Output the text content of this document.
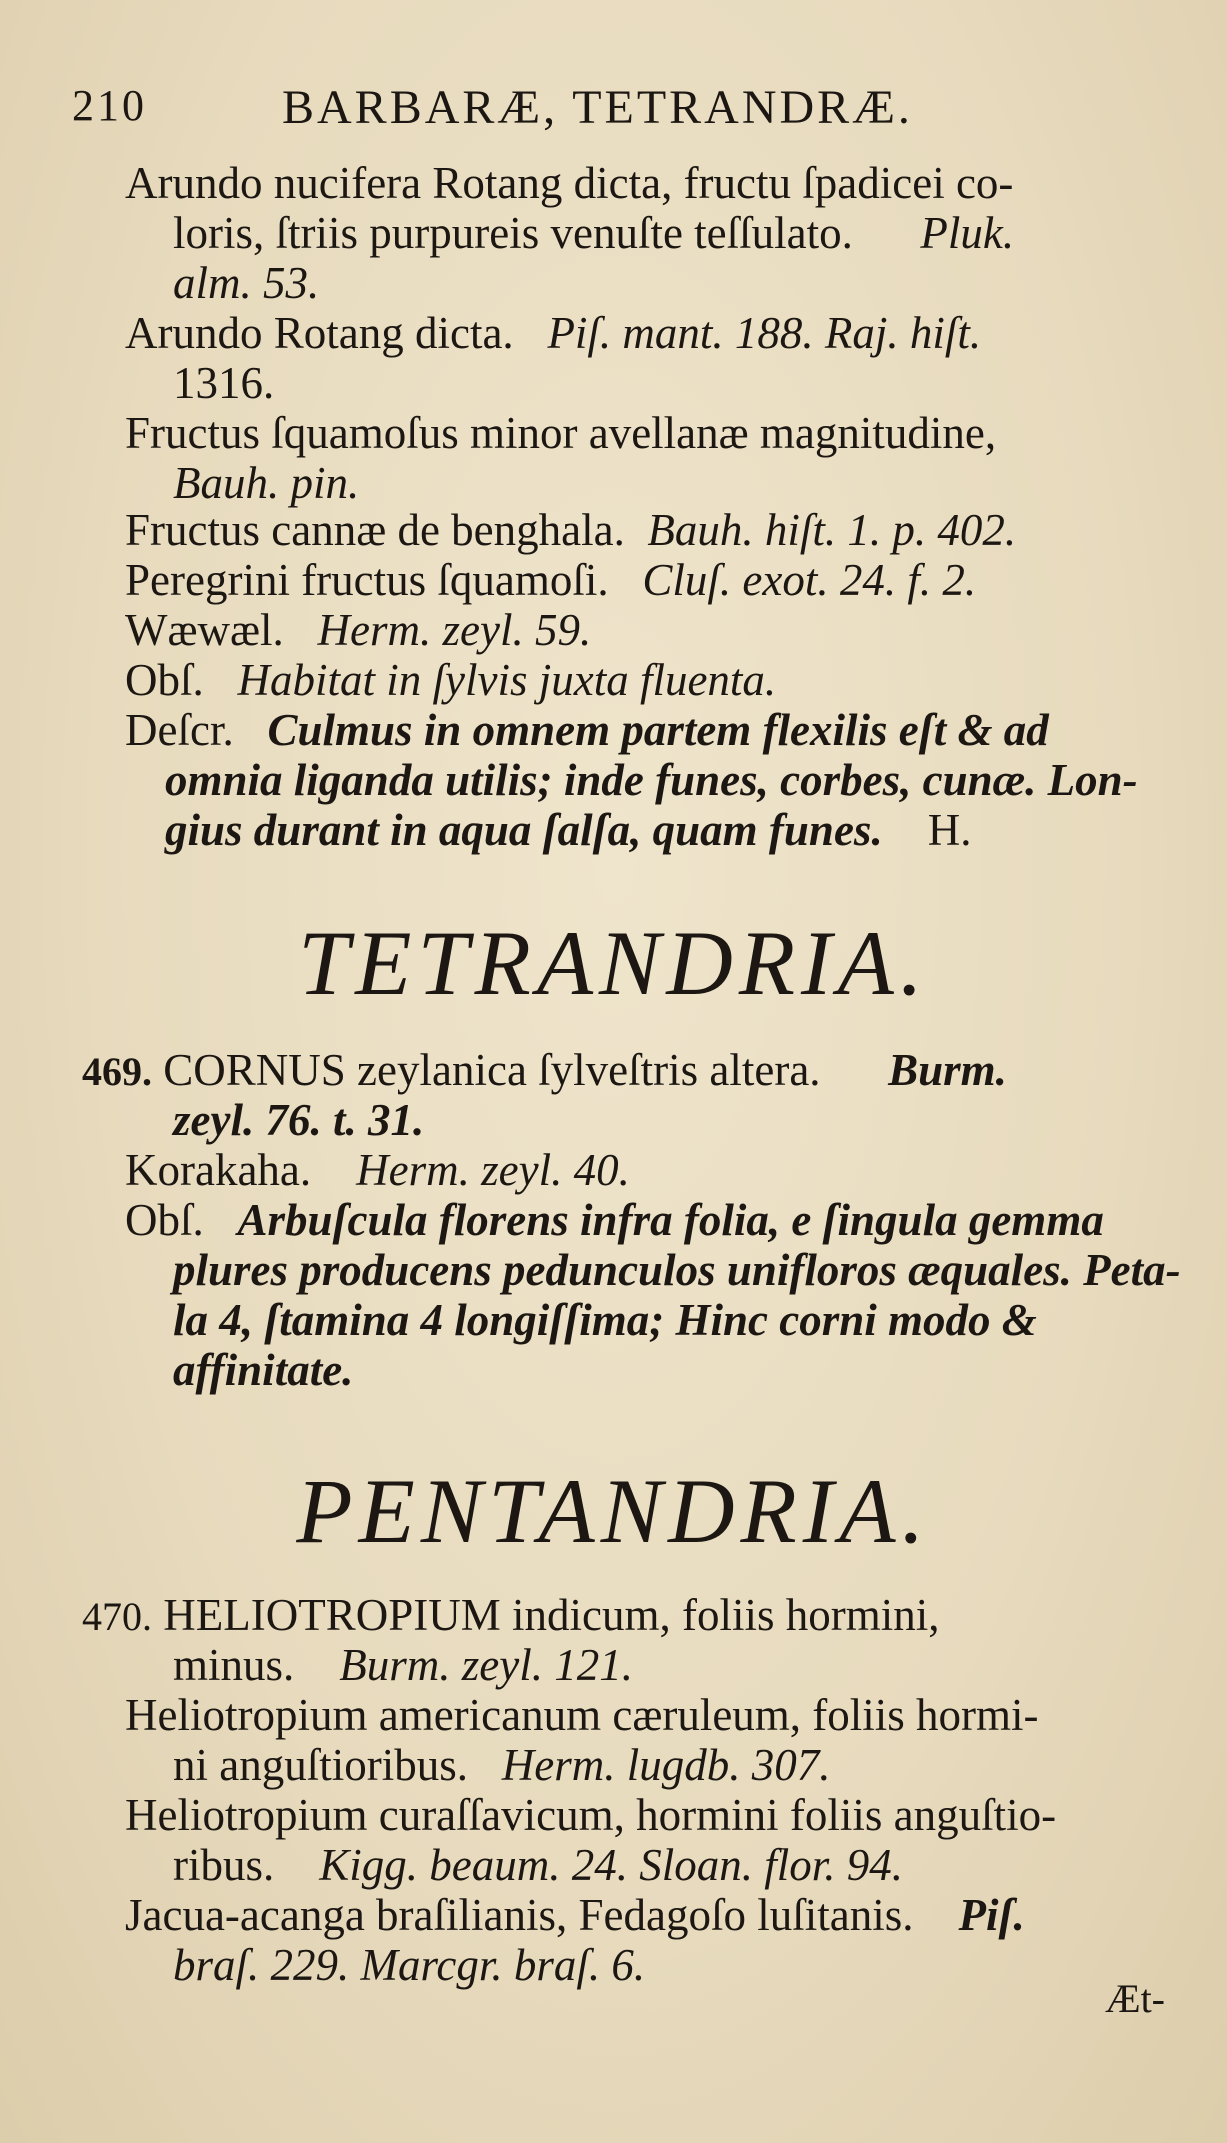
210	BARBARÆ, TETRANDRÆ.
Arundo nucifera Rotang dicta, fructu ſpadicei co-
loris, ſtriis purpureis venuſte teſſulato. Pluk.
alm. 53.
Arundo Rotang dicta. Piſ. mant. 188. Raj. hiſt.
1316.
Fructus ſquamoſus minor avellanæ magnitudine,
Bauh. pin.
Fructus cannæ de benghala. Bauh. hiſt. 1. p. 402.
Peregrini fructus ſquamoſi. Cluſ. exot. 24. f. 2.
Wæwæl. Herm. zeyl. 59.
Obſ. Habitat in ſylvis juxta fluenta.
Deſcr. Culmus in omnem partem flexilis eſt & ad
omnia liganda utilis; inde funes, corbes, cunæ. Lon-
gius durant in aqua ſalſa, quam funes. H.
TETRANDRIA.
469. CORNUS zeylanica ſylveſtris altera. Burm.
zeyl. 76. t. 31.
Korakaha. Herm. zeyl. 40.
Obſ. Arbuſcula florens infra folia, e ſingula gemma
plures producens pedunculos unifloros æquales. Peta-
la 4, ſtamina 4 longiſſima; Hinc corni modo &
affinitate.
PENTANDRIA.
470. HELIOTROPIUM indicum, foliis hormini,
minus. Burm. zeyl. 121.
Heliotropium americanum cæruleum, foliis hormi-
ni anguſtioribus. Herm. lugdb. 307.
Heliotropium curaſſavicum, hormini foliis anguſtio-
ribus. Kigg. beaum. 24. Sloan. flor. 94.
Jacua-acanga braſilianis, Fedagoſo luſitanis. Piſ.
braſ. 229. Marcgr. braſ. 6.
Æt-
